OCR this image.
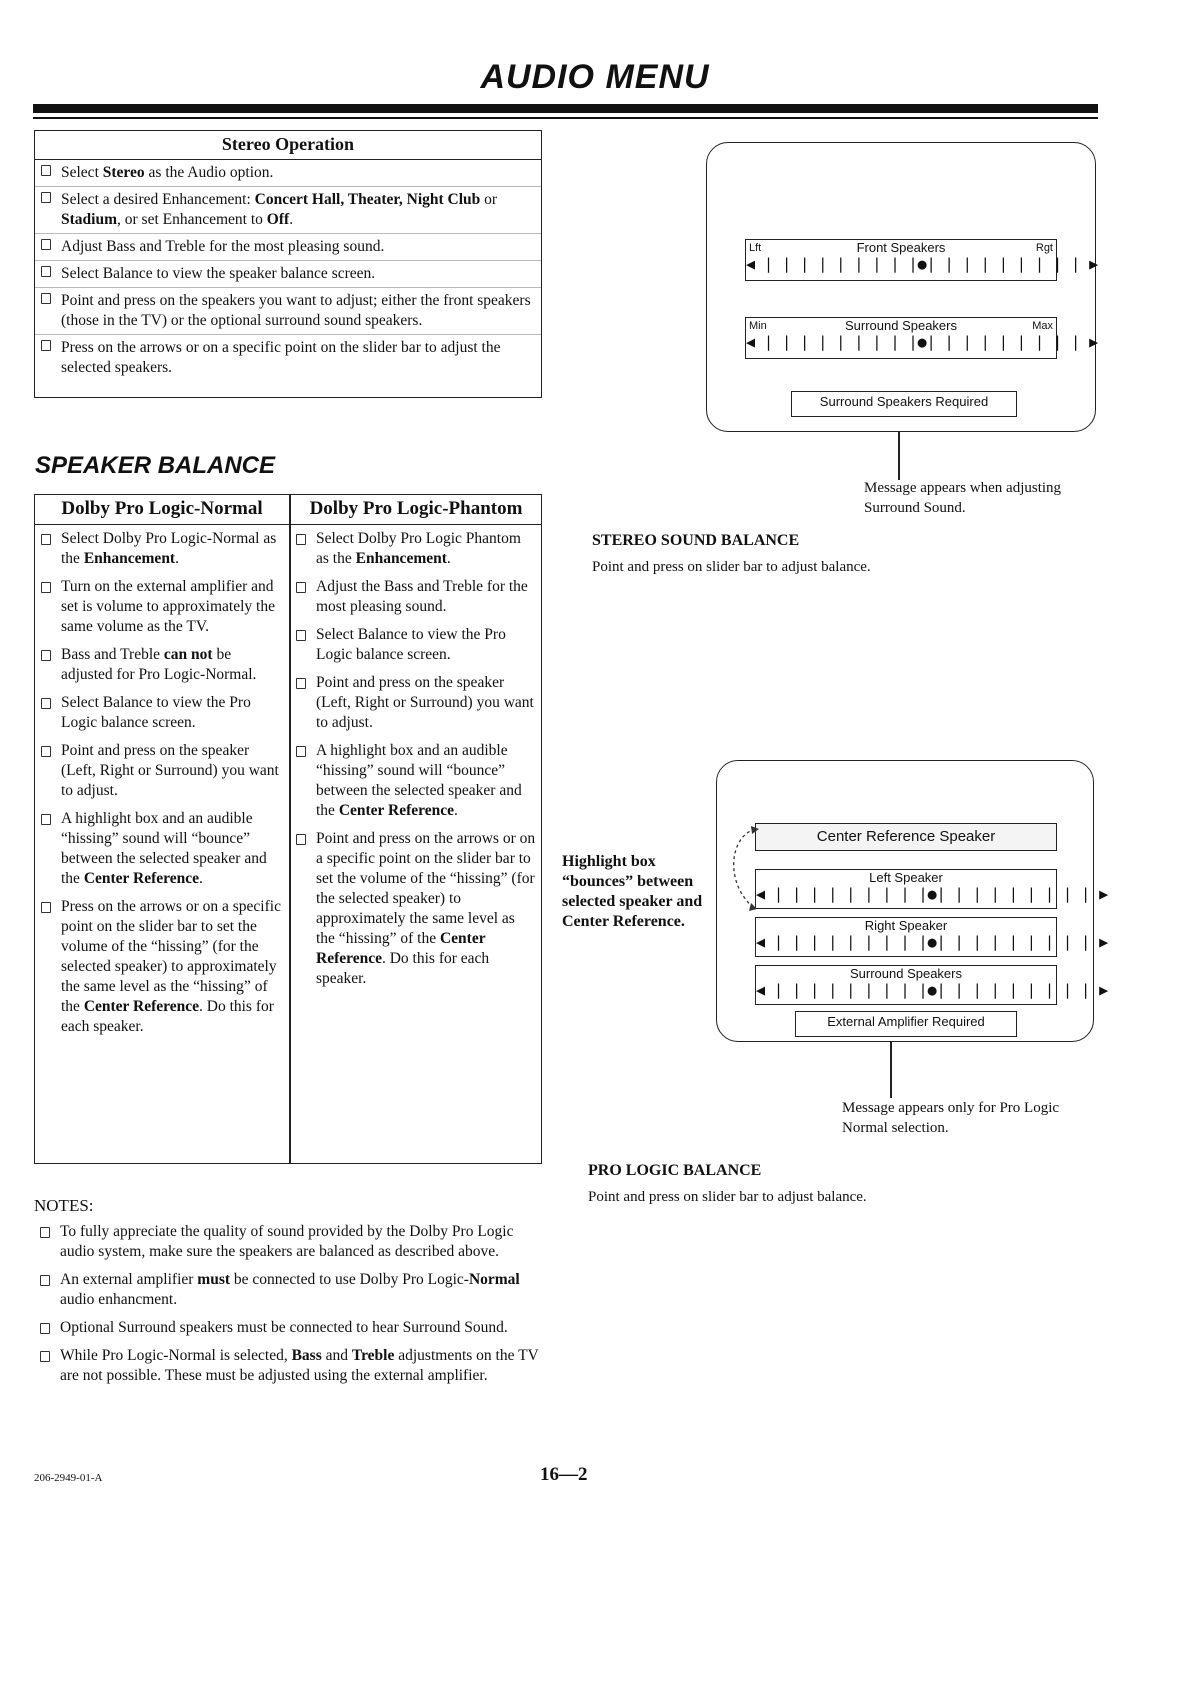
AUDIO MENU
Stereo Operation
Select Stereo as the Audio option.
Select a desired Enhancement: Concert Hall, Theater, Night Club or Stadium, or set Enhancement to Off.
Adjust Bass and Treble for the most pleasing sound.
Select Balance to view the speaker balance screen.
Point and press on the speakers you want to adjust; either the front speakers (those in the TV) or the optional surround sound speakers.
Press on the arrows or on a specific point on the slider bar to adjust the selected speakers.
SPEAKER BALANCE
Dolby Pro Logic-Normal
Select Dolby Pro Logic-Normal as the Enhancement.
Turn on the external amplifier and set is volume to approximately the same volume as the TV.
Bass and Treble can not be adjusted for Pro Logic-Normal.
Select Balance to view the Pro Logic balance screen.
Point and press on the speaker (Left, Right or Surround) you want to adjust.
A highlight box and an audible “hissing” sound will “bounce” between the selected speaker and the Center Reference.
Press on the arrows or on a specific point on the slider bar to set the volume of the “hissing” (for the selected speaker) to approximately the same level as the “hissing” of the Center Reference. Do this for each speaker.
Dolby Pro Logic-Phantom
Select Dolby Pro Logic Phantom as the Enhancement.
Adjust the Bass and Treble for the most pleasing sound.
Select Balance to view the Pro Logic balance screen.
Point and press on the speaker (Left, Right or Surround) you want to adjust.
A highlight box and an audible “hissing” sound will “bounce” between the selected speaker and the Center Reference.
Point and press on the arrows or on a specific point on the slider bar to set the volume of the “hissing” (for the selected speaker) to approximately the same level as the “hissing” of the Center Reference. Do this for each speaker.
NOTES:
To fully appreciate the quality of sound provided by the Dolby Pro Logic audio system, make sure the speakers are balanced as described above.
An external amplifier must be connected to use Dolby Pro Logic-Normal audio enhancment.
Optional Surround speakers must be connected to hear Surround Sound.
While Pro Logic-Normal is selected, Bass and Treble adjustments on the TV are not possible. These must be adjusted using the external amplifier.
Lft	Front Speakers	Rgt
◀ | | | | | | | | |●| | | | | | | | | ▶
Min	Surround Speakers	Max
◀ | | | | | | | | |●| | | | | | | | | ▶
Surround Speakers Required
Message appears when adjusting Surround Sound.
STEREO SOUND BALANCE
Point and press on slider bar to adjust balance.
Center Reference Speaker
Left Speaker
◀ | | | | | | | | |●| | | | | | | | | ▶
Right Speaker
◀ | | | | | | | | |●| | | | | | | | | ▶
Surround Speakers
◀ | | | | | | | | |●| | | | | | | | | ▶
External Amplifier Required
Highlight box “bounces” between selected speaker and Center Reference.
Message appears only for Pro Logic Normal selection.
PRO LOGIC BALANCE
Point and press on slider bar to adjust balance.
206-2949-01-A	16—2
